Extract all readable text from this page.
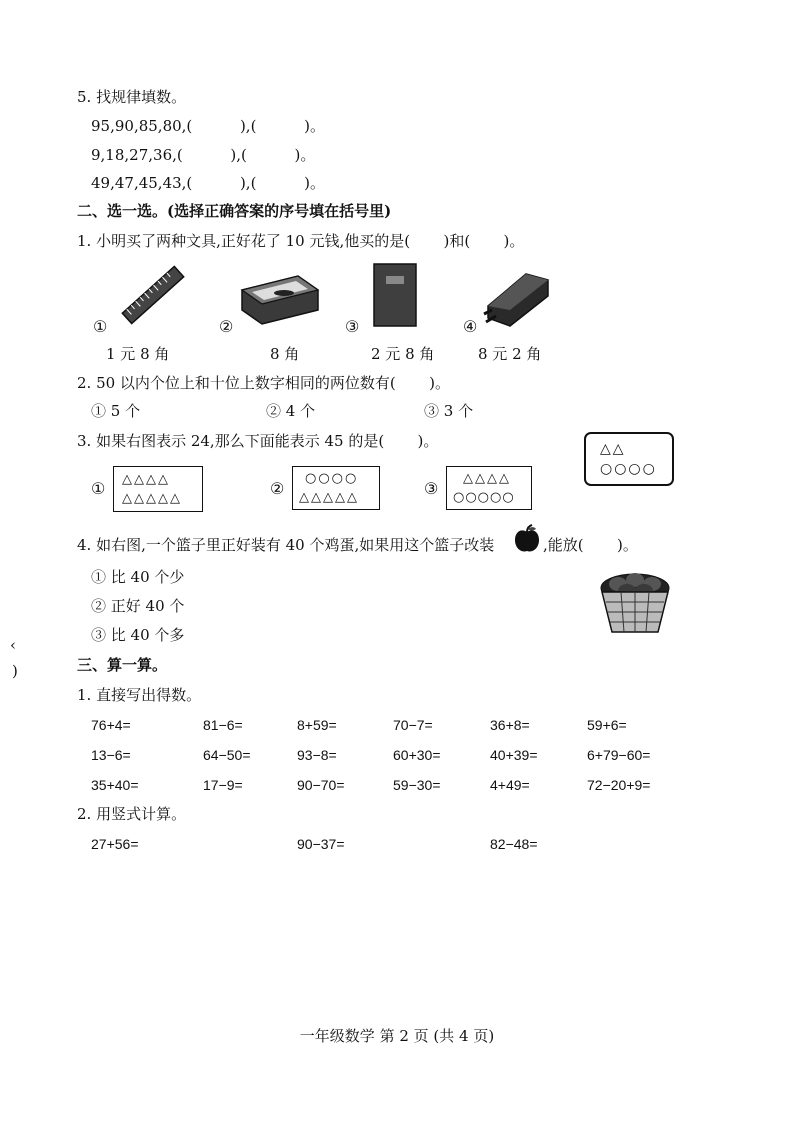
5. 找规律填数。
95,90,85,80,(          ),(          )。
9,18,27,36,(          ),(          )。
49,47,45,43,(          ),(          )。
二、选一选。(选择正确答案的序号填在括号里)
1. 小明买了两种文具,正好花了 10 元钱,他买的是(       )和(       )。
①	②	③	④
1 元 8 角	8 角	2 元 8 角	8 元 2 角
2. 50 以内个位上和十位上数字相同的两位数有(       )。
① 5 个	② 4 个	③ 3 个
3. 如果右图表示 24,那么下面能表示 45 的是(       )。	△△
○○○○
① △△△△
△△△△△
②
○○○○
△△△△△	③
△△△△
○○○○○
4. 如右图,一个篮子里正好装有 40 个鸡蛋,如果用这个篮子改装	,能放(       )。
① 比 40 个少
② 正好 40 个
③ 比 40 个多
‹
)	三、算一算。
1. 直接写出得数。
76+4=	81−6=	8+59=	70−7=	36+8=	59+6=
13−6=	64−50=	93−8=	60+30=	40+39=	6+79−60=
35+40=	17−9=	90−70=	59−30=	4+49=	72−20+9=
2. 用竖式计算。
27+56=	90−37=	82−48=
一年级数学 第 2 页 (共 4 页)
